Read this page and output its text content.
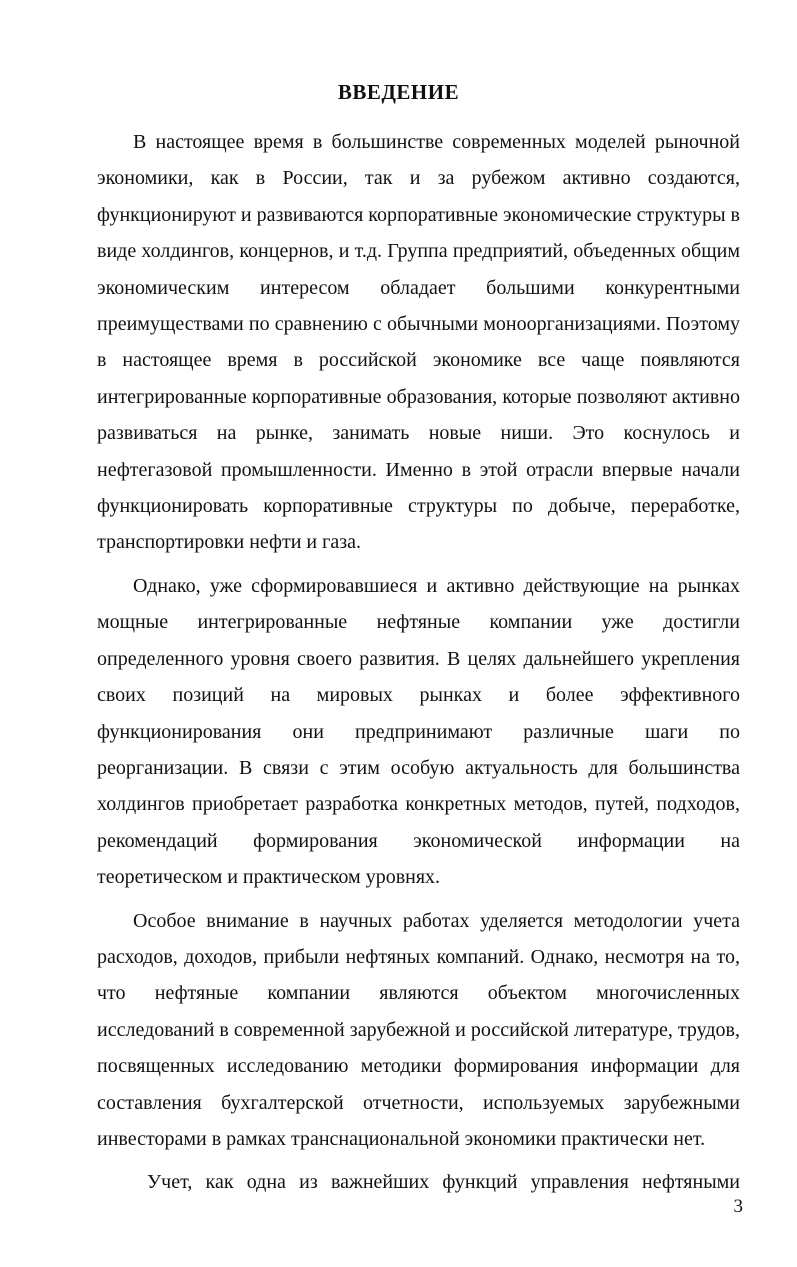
ВВЕДЕНИЕ

В настоящее время в большинстве современных моделей рыночной
экономики, как в России, так и за рубежом активно создаются,
функционируют и развиваются корпоративные экономические структуры в
виде холдингов, концернов, и т.д. Группа предприятий, объеденных общим
экономическим интересом обладает большими конкурентными
преимуществами по сравнению с обычными моноорганизациями. Поэтому
в настоящее время в российской экономике все чаще появляются
интегрированные корпоративные образования, которые позволяют активно
развиваться на рынке, занимать новые ниши. Это коснулось и
нефтегазовой промышленности. Именно в этой отрасли впервые начали
функционировать корпоративные структуры по добыче, переработке,
транспортировки нефти и газа.

Однако, уже сформировавшиеся и активно действующие на рынках
мощные интегрированные нефтяные компании уже достигли
определенного уровня своего развития. В целях дальнейшего укрепления
своих позиций на мировых рынках и более эффективного
функционирования они предпринимают различные шаги по
реорганизации. В связи с этим особую актуальность для большинства
холдингов приобретает разработка конкретных методов, путей, подходов,
рекомендаций формирования экономической информации на
теоретическом и практическом уровнях.

Особое внимание в научных работах уделяется методологии учета
расходов, доходов, прибыли нефтяных компаний. Однако, несмотря на то,
что нефтяные компании являются объектом многочисленных
исследований в современной зарубежной и российской литературе, трудов,
посвященных исследованию методики формирования информации для
составления бухгалтерской отчетности, используемых зарубежными
инвесторами в рамках транснациональной экономики практически нет.

Учет, как одна из важнейших функций управления нефтяными

3
